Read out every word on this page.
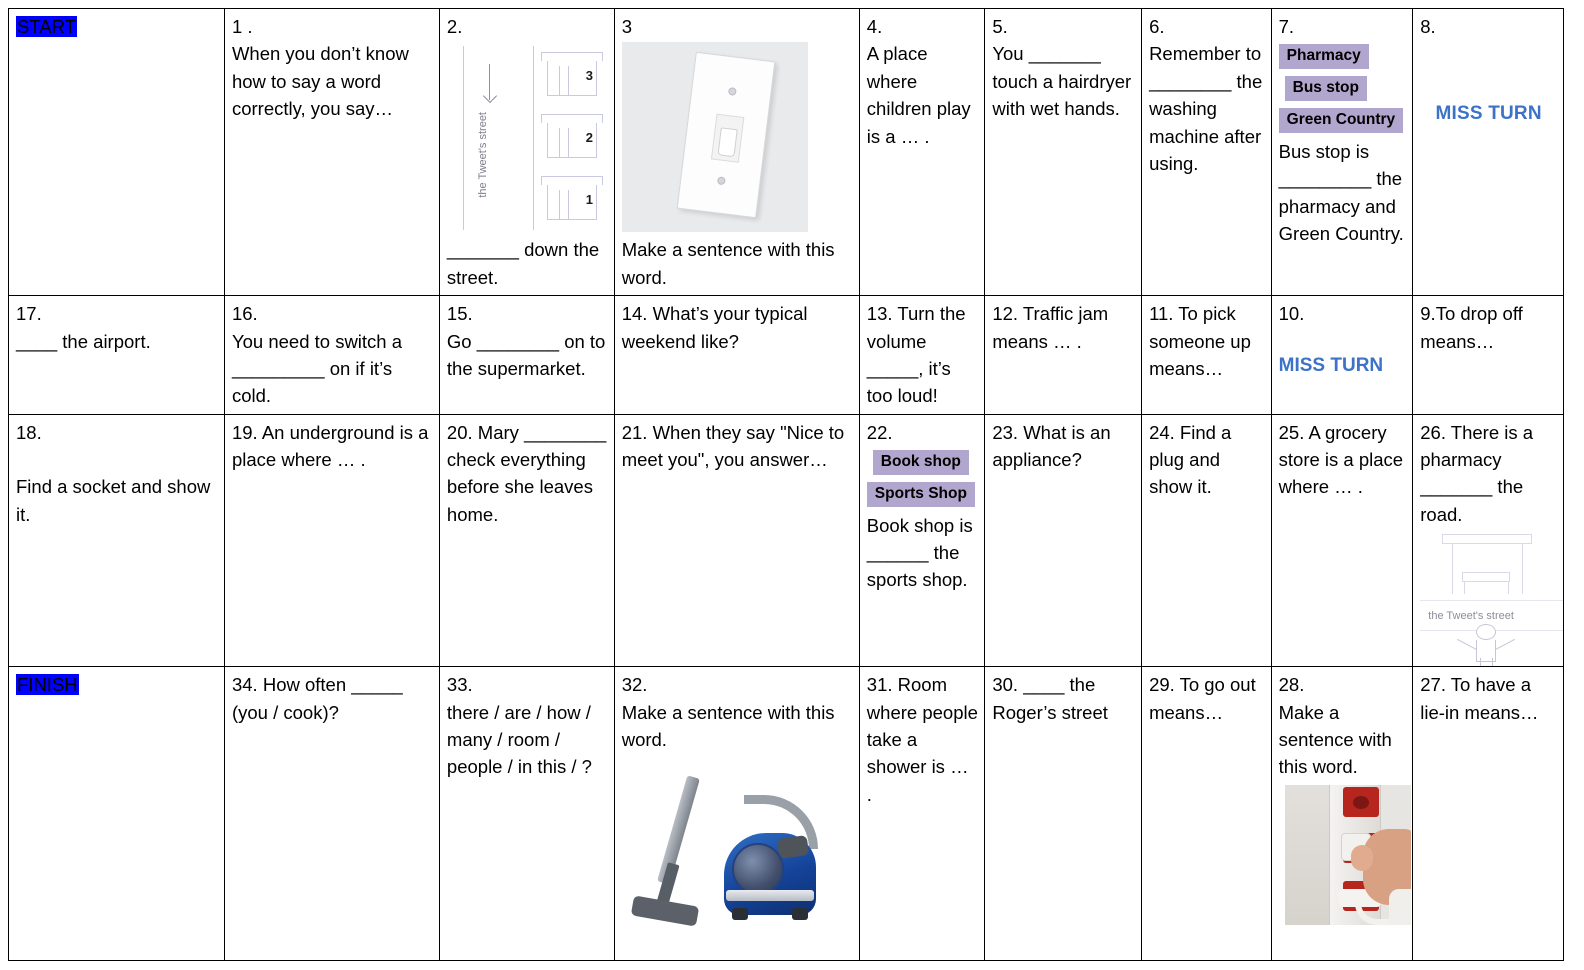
START	1 .
When you don’t know how to say a word correctly, you say…	2.
the Tweet's street
3
2
1
_______ down the street.
	3
Make a sentence with this word.
	4.
A place where children play is a … .	5.
You _______ touch a hairdryer with wet hands.	6.
Remember to ________ the washing machine after using.	7.
Pharmacy
Bus stop
Green Country
Bus stop is _________ the pharmacy and Green Country.
	8.
MISS TURN

17.
____ the airport.	16.
You need to switch a _________ on if it’s cold.	15.
Go ________ on to the supermarket.	14. What’s your typical weekend like?	13. Turn the volume _____, it’s too loud!	12. Traffic jam means … .	11. To pick someone up means…	10.
MISS TURN	9.To drop off means…
18.

Find a socket and show it.	19. An underground is a place where … .	20. Mary ________ check everything before she leaves home.	21. When they say "Nice to meet you", you answer…	22.
Book shop
Sports Shop
Book shop is ______ the sports shop.	23. What is an appliance?	24. Find a plug and show it.	25. A grocery store is a place where … .	26. There is a pharmacy _______ the road.
the Tweet's street

FINISH	34. How often _____ (you / cook)?	33.
there / are / how / many / room / people / in this / ?	32.
Make a sentence with this word.	31. Room where people take a shower is … .	30. ____ the Roger’s street	29. To go out means…	28.
Make a sentence with this word.	27. To have a lie-in means…
